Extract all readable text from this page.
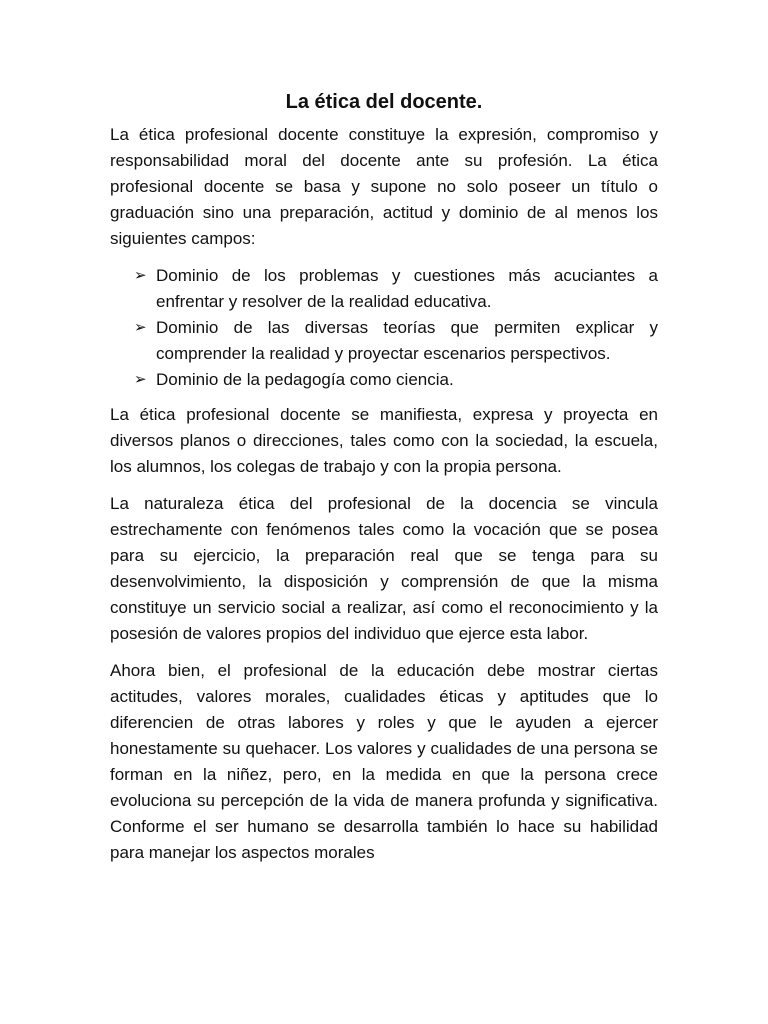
La ética del docente.

La ética profesional docente constituye la expresión, compromiso y responsabilidad moral del docente ante su profesión. La ética profesional docente se basa y supone no solo poseer un título o graduación sino una preparación, actitud y dominio de al menos los siguientes campos:

➢ Dominio de los problemas y cuestiones más acuciantes a enfrentar y resolver de la realidad educativa.
➢ Dominio de las diversas teorías que permiten explicar y comprender la realidad y proyectar escenarios perspectivos.
➢ Dominio de la pedagogía como ciencia.

La ética profesional docente se manifiesta, expresa y proyecta en diversos planos o direcciones, tales como con la sociedad, la escuela, los alumnos, los colegas de trabajo y con la propia persona.

La naturaleza ética del profesional de la docencia se vincula estrechamente con fenómenos tales como la vocación que se posea para su ejercicio, la preparación real que se tenga para su desenvolvimiento, la disposición y comprensión de que la misma constituye un servicio social a realizar, así como el reconocimiento y la posesión de valores propios del individuo que ejerce esta labor.

Ahora bien, el profesional de la educación debe mostrar ciertas actitudes, valores morales, cualidades éticas y aptitudes que lo diferencien de otras labores y roles y que le ayuden a ejercer honestamente su quehacer. Los valores y cualidades de una persona se forman en la niñez, pero, en la medida en que la persona crece evoluciona su percepción de la vida de manera profunda y significativa. Conforme el ser humano se desarrolla también lo hace su habilidad para manejar los aspectos morales
